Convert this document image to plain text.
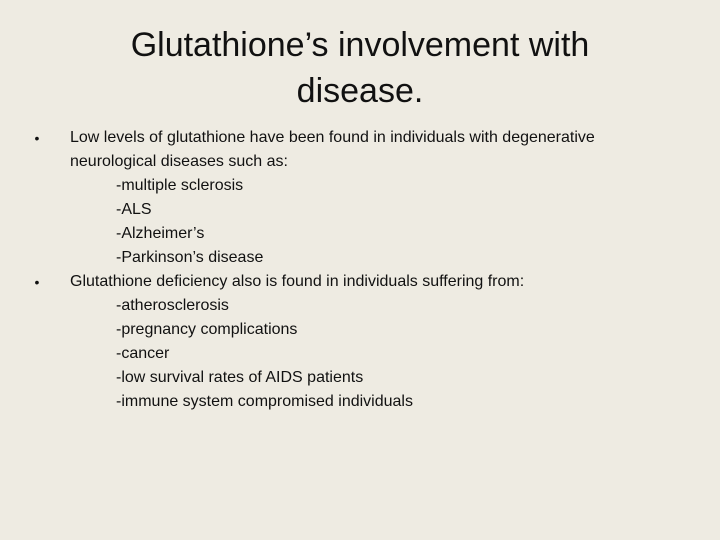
Glutathione’s involvement with
disease.
• Low levels of glutathione have been found in individuals with degenerative
neurological diseases such as:
-multiple sclerosis
-ALS
-Alzheimer’s
-Parkinson’s disease
• Glutathione deficiency also is found in individuals suffering from:
-atherosclerosis
-pregnancy complications
-cancer
-low survival rates of AIDS patients
-immune system compromised individuals
